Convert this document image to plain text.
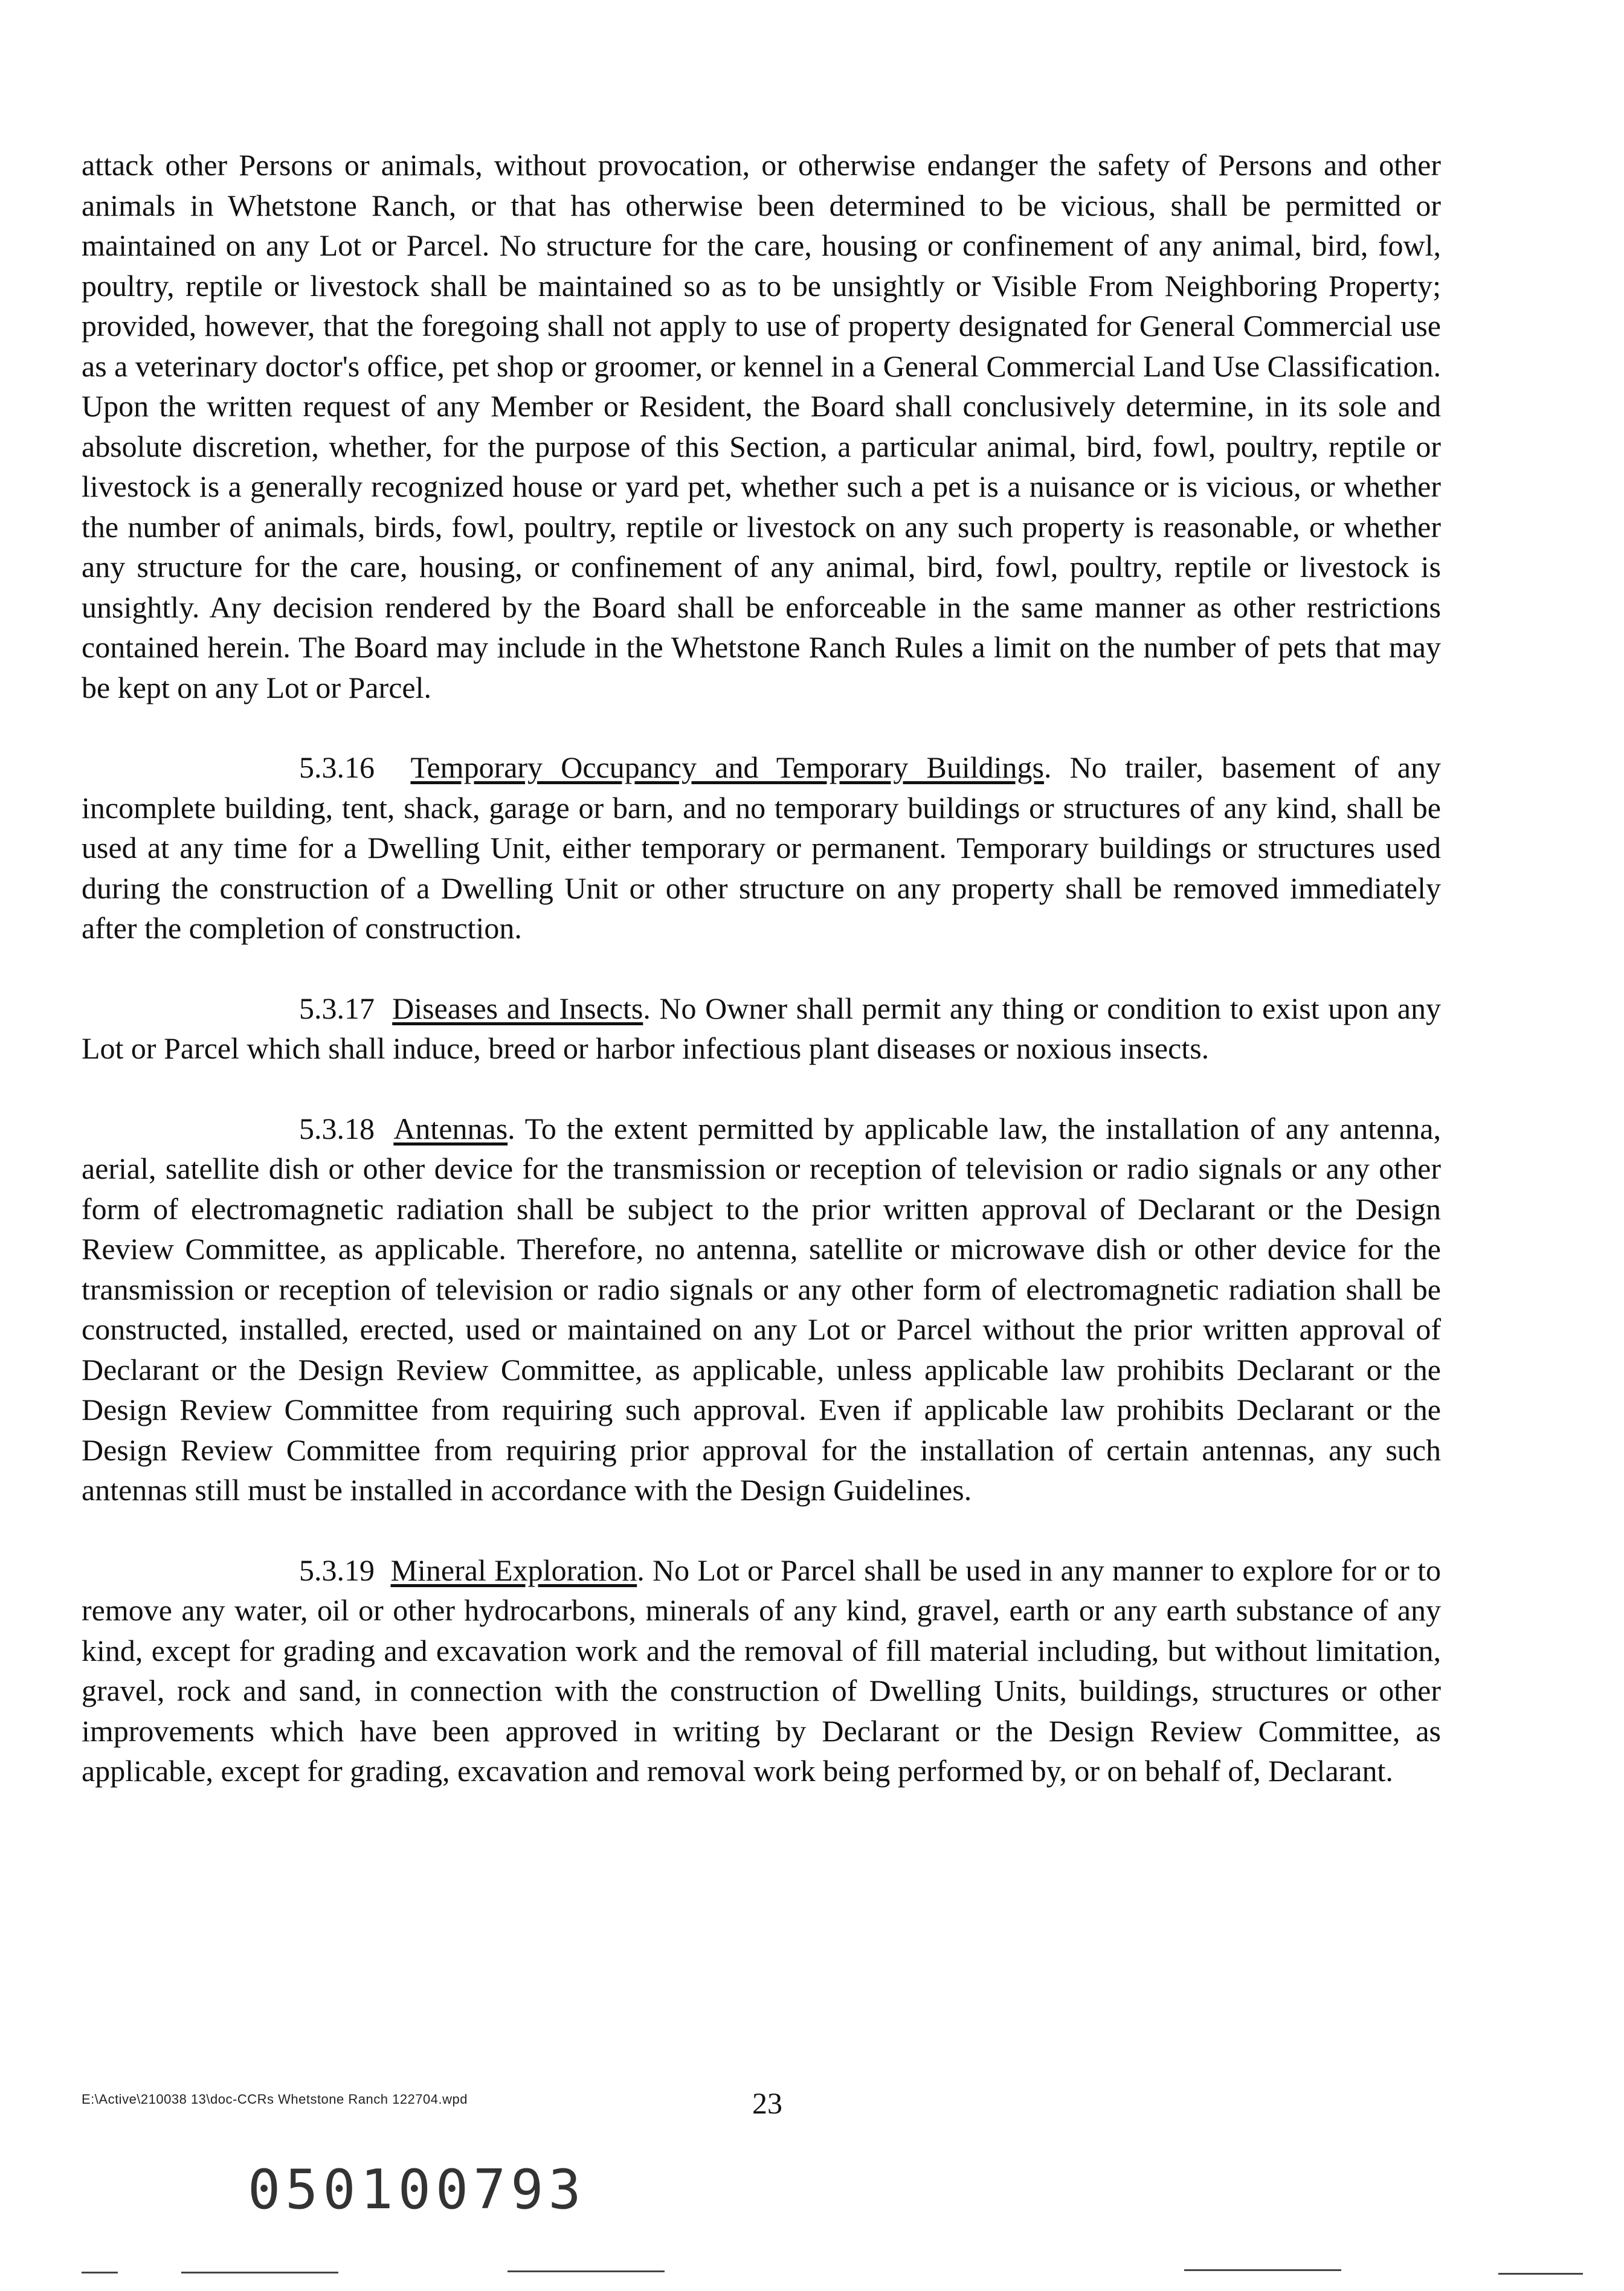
attack other Persons or animals, without provocation, or otherwise endanger the safety of Persons and other animals in Whetstone Ranch, or that has otherwise been determined to be vicious, shall be permitted or maintained on any Lot or Parcel. No structure for the care, housing or confinement of any animal, bird, fowl, poultry, reptile or livestock shall be maintained so as to be unsightly or Visible From Neighboring Property; provided, however, that the foregoing shall not apply to use of property designated for General Commercial use as a veterinary doctor's office, pet shop or groomer, or kennel in a General Commercial Land Use Classification. Upon the written request of any Member or Resident, the Board shall conclusively determine, in its sole and absolute discretion, whether, for the purpose of this Section, a particular animal, bird, fowl, poultry, reptile or livestock is a generally recognized house or yard pet, whether such a pet is a nuisance or is vicious, or whether the number of animals, birds, fowl, poultry, reptile or livestock on any such property is reasonable, or whether any structure for the care, housing, or confinement of any animal, bird, fowl, poultry, reptile or livestock is unsightly. Any decision rendered by the Board shall be enforceable in the same manner as other restrictions contained herein. The Board may include in the Whetstone Ranch Rules a limit on the number of pets that may be kept on any Lot or Parcel.

5.3.16 Temporary Occupancy and Temporary Buildings. No trailer, basement of any incomplete building, tent, shack, garage or barn, and no temporary buildings or structures of any kind, shall be used at any time for a Dwelling Unit, either temporary or permanent. Temporary buildings or structures used during the construction of a Dwelling Unit or other structure on any property shall be removed immediately after the completion of construction.

5.3.17 Diseases and Insects. No Owner shall permit any thing or condition to exist upon any Lot or Parcel which shall induce, breed or harbor infectious plant diseases or noxious insects.

5.3.18 Antennas. To the extent permitted by applicable law, the installation of any antenna, aerial, satellite dish or other device for the transmission or reception of television or radio signals or any other form of electromagnetic radiation shall be subject to the prior written approval of Declarant or the Design Review Committee, as applicable. Therefore, no antenna, satellite or microwave dish or other device for the transmission or reception of television or radio signals or any other form of electromagnetic radiation shall be constructed, installed, erected, used or maintained on any Lot or Parcel without the prior written approval of Declarant or the Design Review Committee, as applicable, unless applicable law prohibits Declarant or the Design Review Committee from requiring such approval. Even if applicable law prohibits Declarant or the Design Review Committee from requiring prior approval for the installation of certain antennas, any such antennas still must be installed in accordance with the Design Guidelines.

5.3.19 Mineral Exploration. No Lot or Parcel shall be used in any manner to explore for or to remove any water, oil or other hydrocarbons, minerals of any kind, gravel, earth or any earth substance of any kind, except for grading and excavation work and the removal of fill material including, but without limitation, gravel, rock and sand, in connection with the construction of Dwelling Units, buildings, structures or other improvements which have been approved in writing by Declarant or the Design Review Committee, as applicable, except for grading, excavation and removal work being performed by, or on behalf of, Declarant.

E:\Active\210038 13\doc-CCRs Whetstone Ranch 122704.wpd	23
050100793
